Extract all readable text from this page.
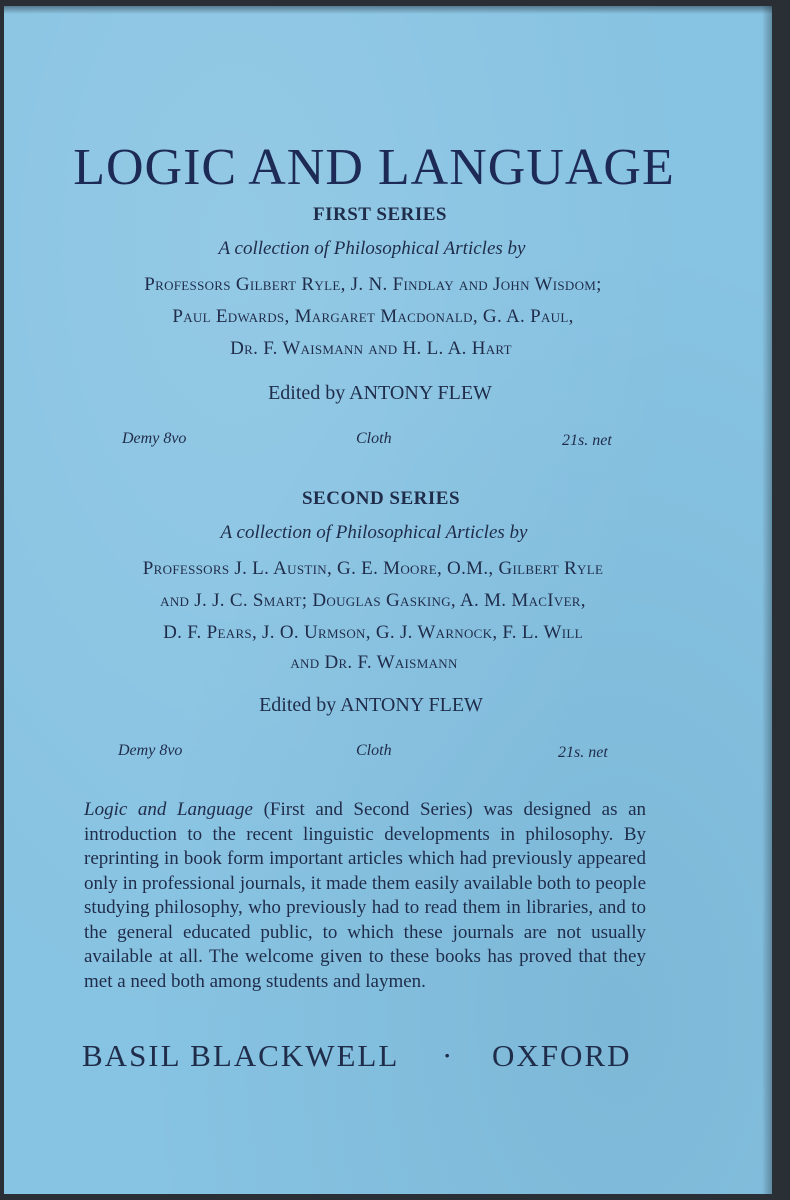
LOGIC AND LANGUAGE
FIRST SERIES
A collection of Philosophical Articles by
Professors Gilbert Ryle, J. N. Findlay and John Wisdom;
Paul Edwards, Margaret Macdonald, G. A. Paul,
Dr. F. Waismann and H. L. A. Hart
Edited by ANTONY FLEW
Demy 8vo	Cloth	21s. net
SECOND SERIES
A collection of Philosophical Articles by
Professors J. L. Austin, G. E. Moore, O.M., Gilbert Ryle
and J. J. C. Smart; Douglas Gasking, A. M. MacIver,
D. F. Pears, J. O. Urmson, G. J. Warnock, F. L. Will
and Dr. F. Waismann
Edited by ANTONY FLEW
Demy 8vo	Cloth	21s. net
Logic and Language (First and Second Series) was designed as an introduction to the recent linguistic developments in philosophy. By reprinting in book form important articles which had previously appeared only in professional journals, it made them easily available both to people studying philosophy, who previously had to read them in libraries, and to the general educated public, to which these journals are not usually available at all. The welcome given to these books has proved that they met a need both among students and laymen.
BASIL BLACKWELL · OXFORD
